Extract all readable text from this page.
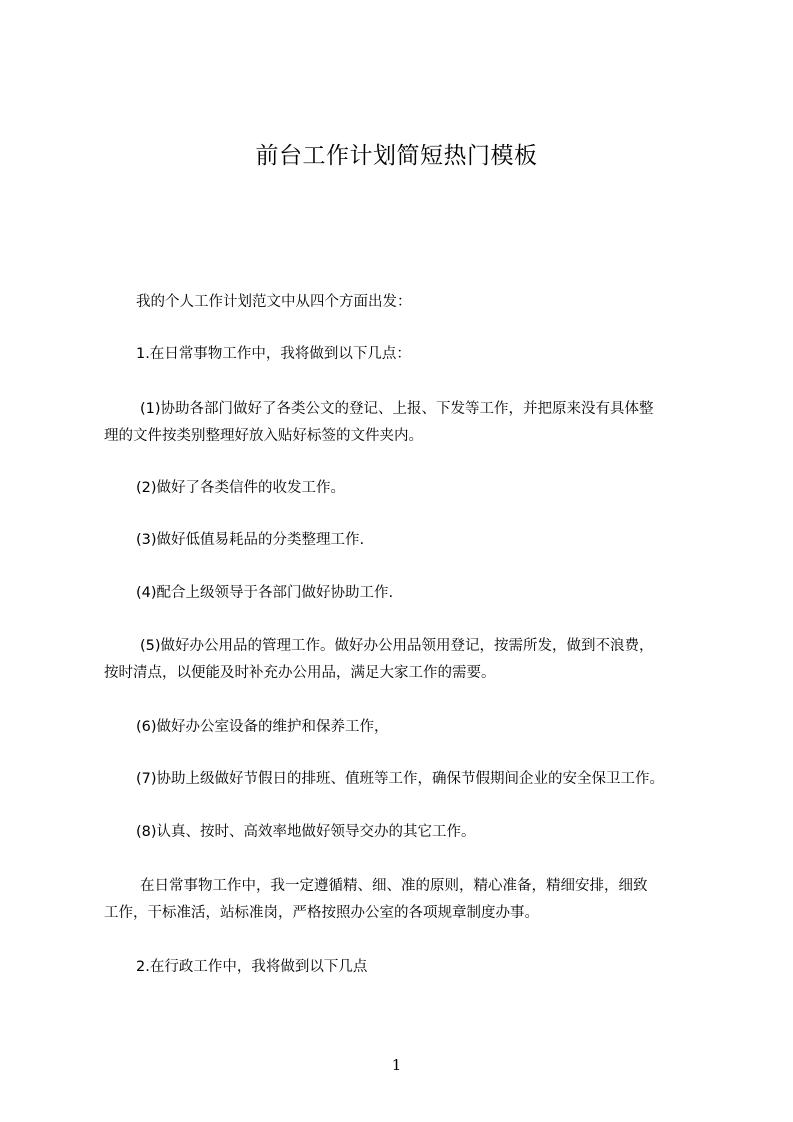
前台工作计划简短热门模板
我的个人工作计划范文中从四个方面出发：
1.在日常事物工作中，我将做到以下几点：
(1)协助各部门做好了各类公文的登记、上报、下发等工作，并把原来没有具体整
理的文件按类别整理好放入贴好标签的文件夹内。
(2)做好了各类信件的收发工作。
(3)做好低值易耗品的分类整理工作.
(4)配合上级领导于各部门做好协助工作.
(5)做好办公用品的管理工作。做好办公用品领用登记，按需所发，做到不浪费，
按时清点，以便能及时补充办公用品，满足大家工作的需要。
(6)做好办公室设备的维护和保养工作，
(7)协助上级做好节假日的排班、值班等工作，确保节假期间企业的安全保卫工作。
(8)认真、按时、高效率地做好领导交办的其它工作。
在日常事物工作中，我一定遵循精、细、准的原则，精心准备，精细安排，细致
工作，干标准活，站标准岗，严格按照办公室的各项规章制度办事。
2.在行政工作中，我将做到以下几点
1
